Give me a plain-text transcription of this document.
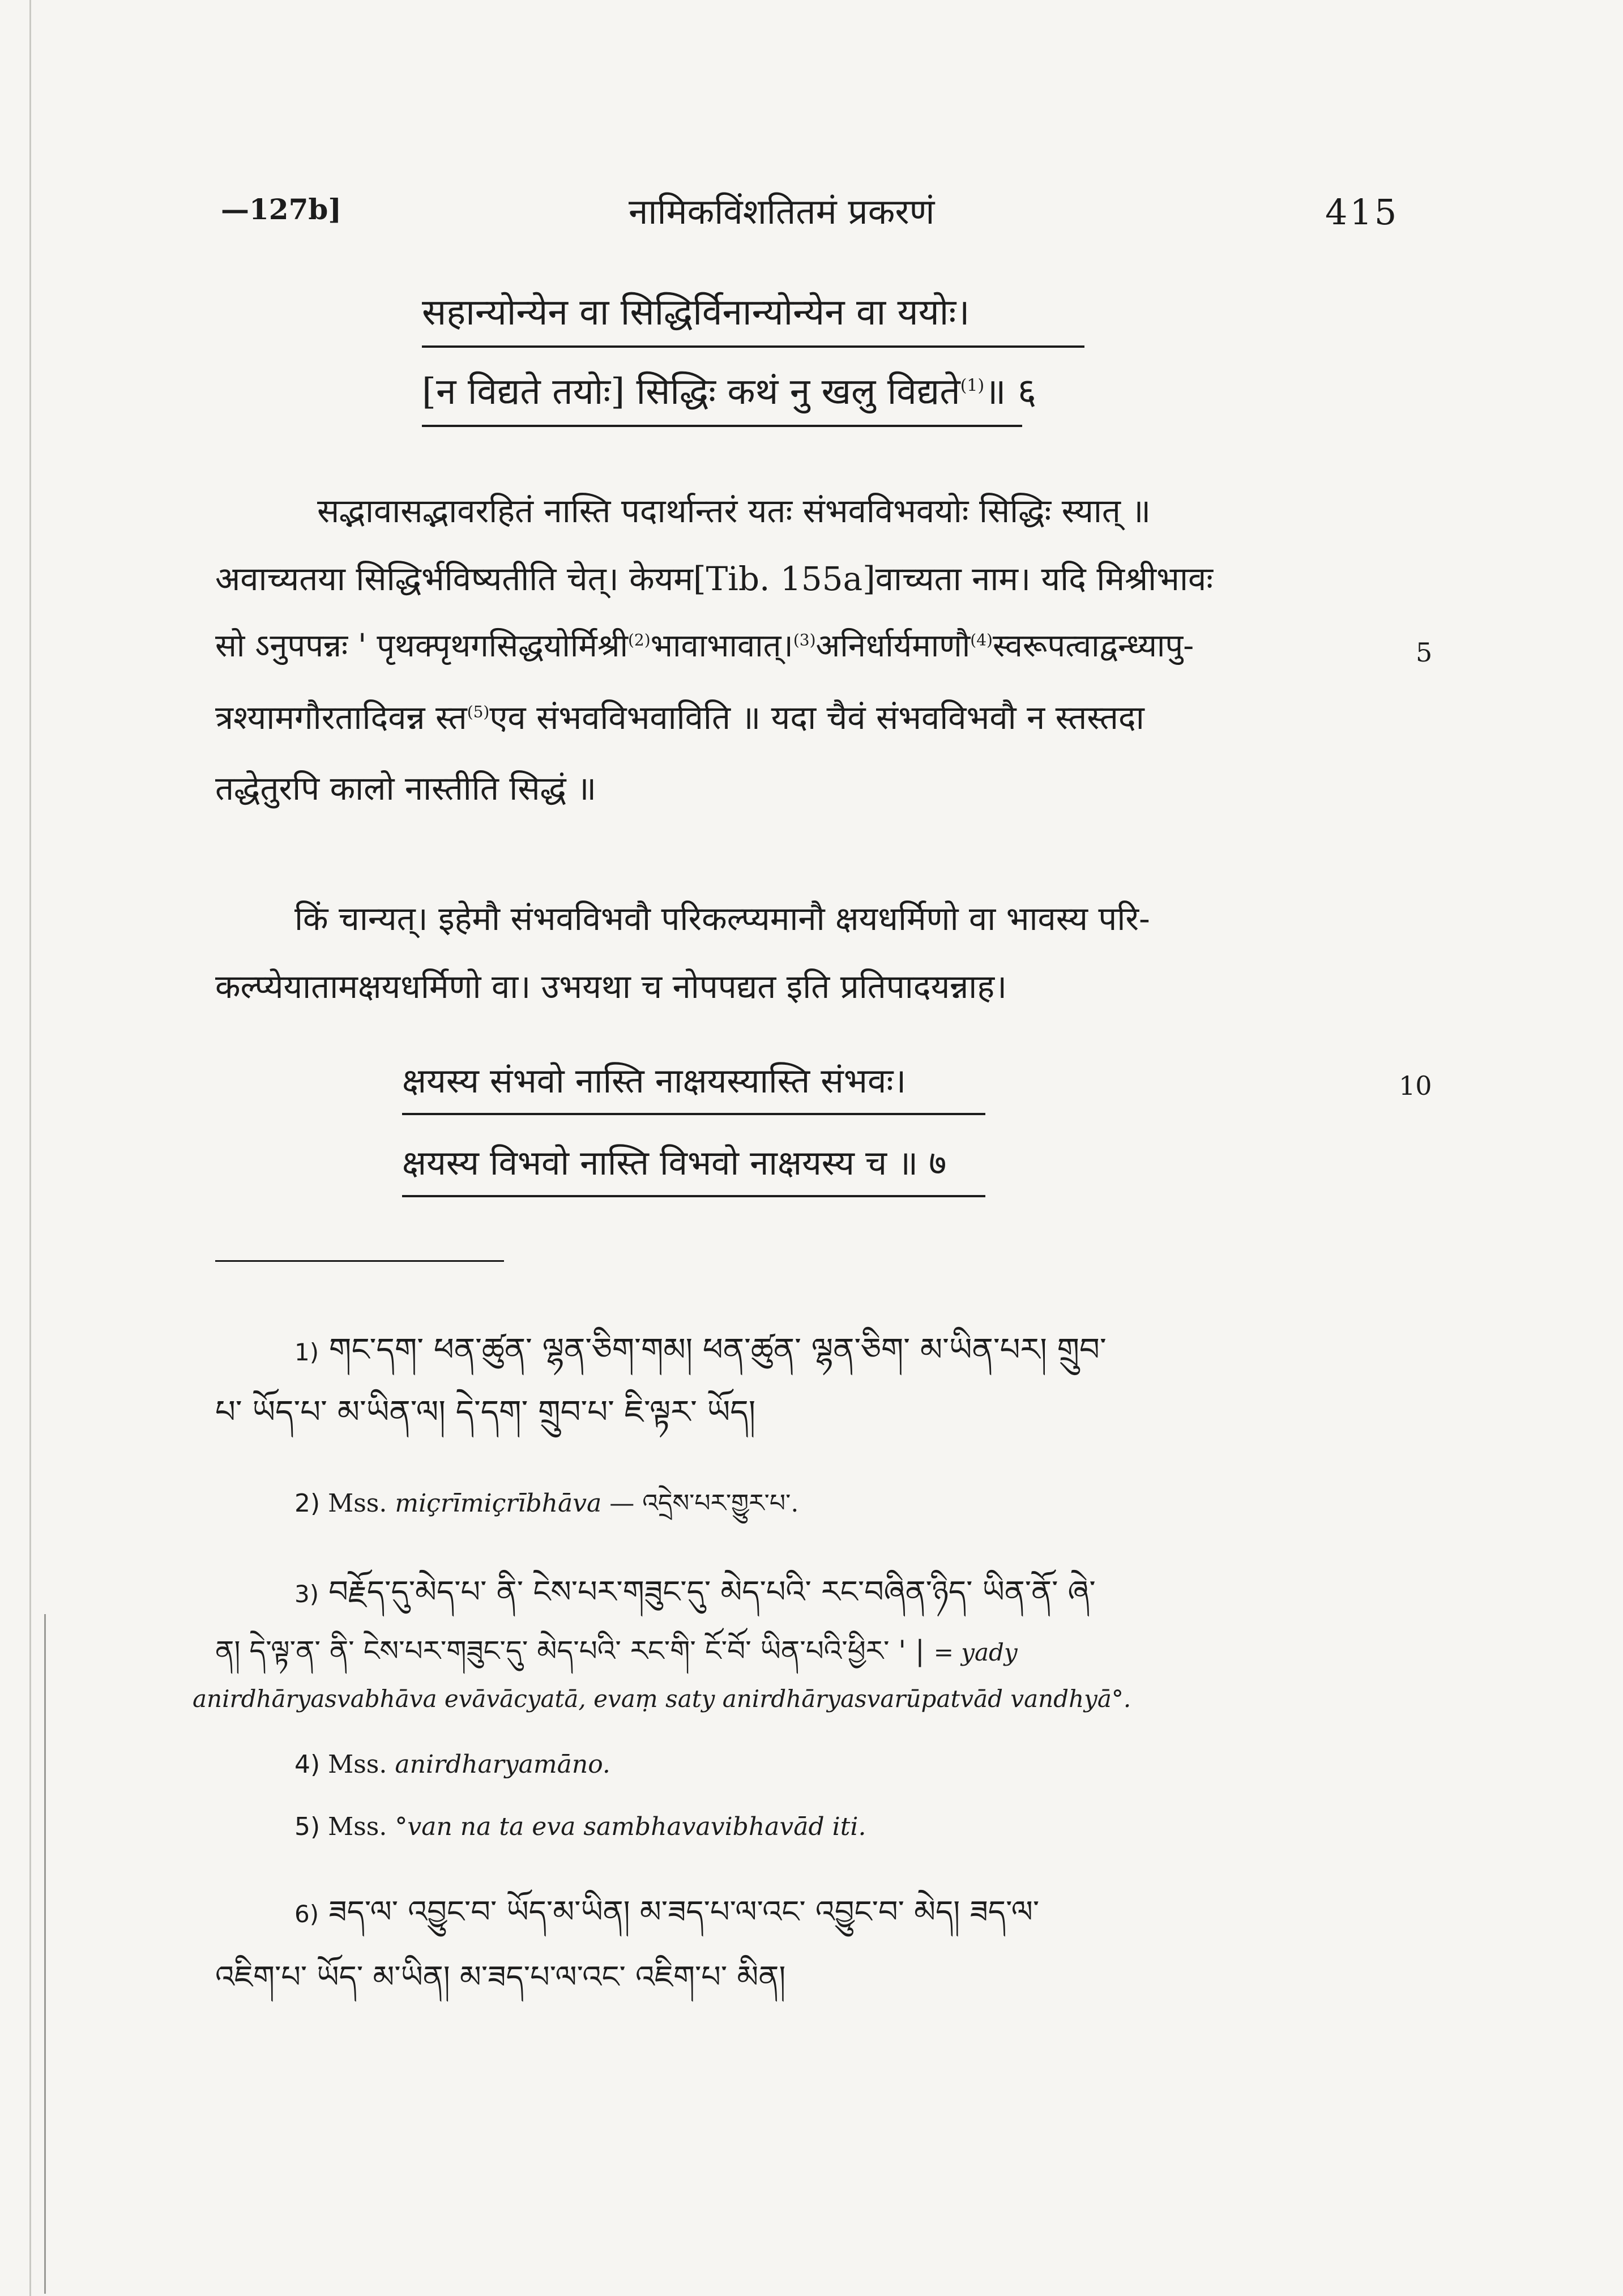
—127b]	नामिकविंशतितमं प्रकरणं	415
सहान्योन्येन वा सिद्धिर्विनान्योन्येन वा ययोः।
[न विद्यते तयोः] सिद्धिः कथं नु खलु विद्यते$^{(1)}$॥ ६
सद्भावासद्भावरहितं नास्ति पदार्थान्तरं यतः संभवविभवयोः सिद्धिः स्यात् ॥
अवाच्यतया सिद्धिर्भविष्यतीति चेत्। केयम[Tib. 155a]वाच्यता नाम। यदि मिश्रीभावः
सो ऽनुपपन्नः ' पृथक्पृथगसिद्धयोर्मिश्री$^{(2)}$भावाभावात्।$^{(3)}$अनिर्धार्यमाणौ$^{(4)}$स्वरूपत्वाद्वन्ध्यापु-	5
त्रश्यामगौरतादिवन्न स्त$^{(5)}$एव संभवविभवाविति ॥ यदा चैवं संभवविभवौ न स्तस्तदा
तद्धेतुरपि कालो नास्तीति सिद्धं ॥
किं चान्यत्। इहेमौ संभवविभवौ परिकल्प्यमानौ क्षयधर्मिणो वा भावस्य परि-
कल्प्येयातामक्षयधर्मिणो वा। उभयथा च नोपपद्यत इति प्रतिपादयन्नाह।
क्षयस्य संभवो नास्ति नाक्षयस्यास्ति संभवः।	10
क्षयस्य विभवो नास्ति विभवो नाक्षयस्य च ॥ ७
1) གང་དག་ ཕན་ཚུན་ ལྷན་ཅིག་གམ། ཕན་ཚུན་ ལྷན་ཅིག་ མ་ཡིན་པར། གྲུབ་
པ་ ཡོད་པ་ མ་ཡིན་ལ། དེ་དག་ གྲུབ་པ་ ཇི་ལྟར་ ཡོད།
2) Mss. miçrīmiçrībhāva — འདྲེས་པར་གྱུར་པ་.
3) བརྗོད་དུ་མེད་པ་ ནི་ ངེས་པར་གཟུང་དུ་ མེད་པའི་ རང་བཞིན་ཉིད་ ཡིན་ནོ་ ཞེ་
ན། དེ་ལྟ་ན་ ནི་ ངེས་པར་གཟུང་དུ་ མེད་པའི་ རང་གི་ ངོ་བོ་ ཡིན་པའི་ཕྱིར་ ' | = yady
anirdhāryasvabhāva evāvācyatā, evaṃ saty anirdhāryasvarūpatvād vandhyā°.
4) Mss. anirdharyamāno.
5) Mss. °van na ta eva sambhavavibhavād iti.
6) ཟད་ལ་ འབྱུང་བ་ ཡོད་མ་ཡིན། མ་ཟད་པ་ལ་འང་ འབྱུང་བ་ མེད། ཟད་ལ་
འཇིག་པ་ ཡོད་ མ་ཡིན། མ་ཟད་པ་ལ་འང་ འཇིག་པ་ མིན།
